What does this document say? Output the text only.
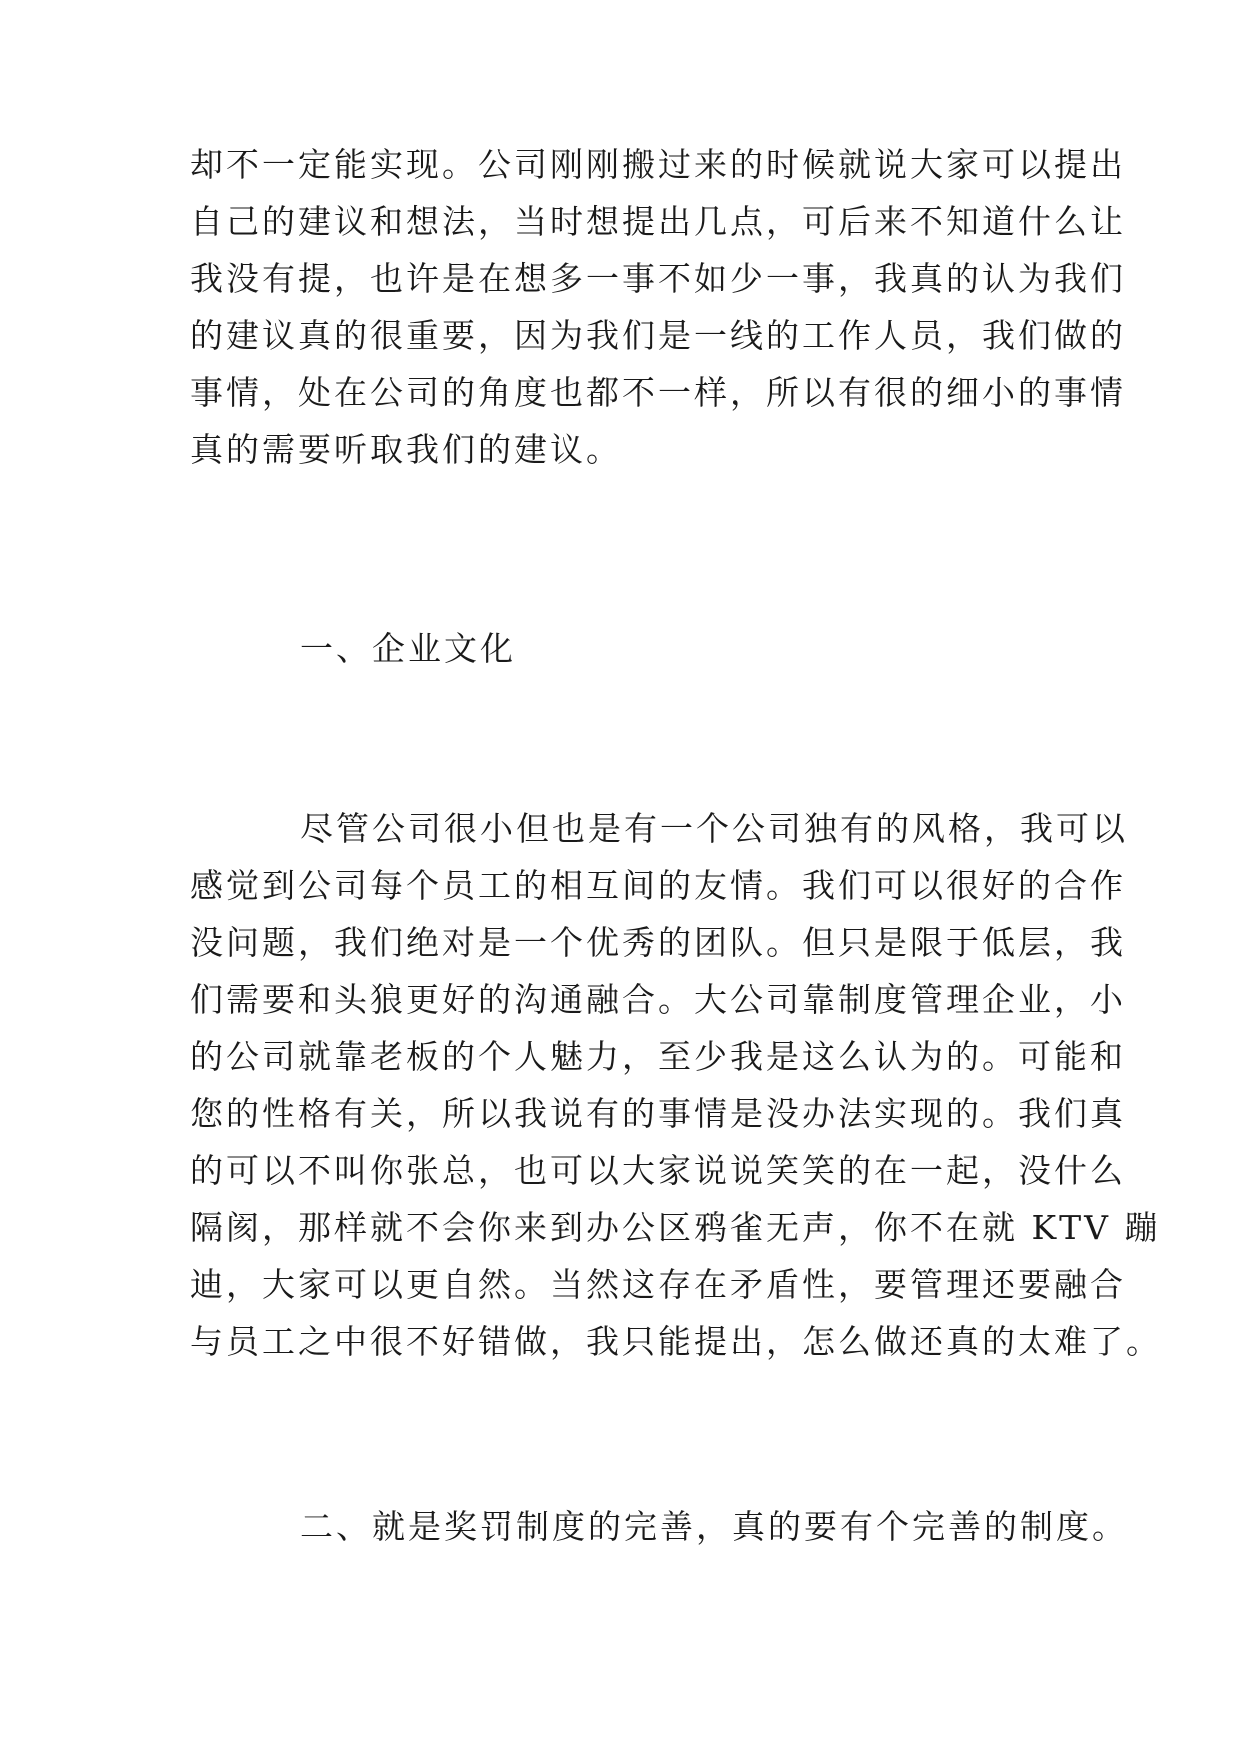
却不一定能实现。公司刚刚搬过来的时候就说大家可以提出
自己的建议和想法，当时想提出几点，可后来不知道什么让
我没有提，也许是在想多一事不如少一事，我真的认为我们
的建议真的很重要，因为我们是一线的工作人员，我们做的
事情，处在公司的角度也都不一样，所以有很的细小的事情
真的需要听取我们的建议。
一、企业文化
尽管公司很小但也是有一个公司独有的风格，我可以
感觉到公司每个员工的相互间的友情。我们可以很好的合作
没问题，我们绝对是一个优秀的团队。但只是限于低层，我
们需要和头狼更好的沟通融合。大公司靠制度管理企业，小
的公司就靠老板的个人魅力，至少我是这么认为的。可能和
您的性格有关，所以我说有的事情是没办法实现的。我们真
的可以不叫你张总，也可以大家说说笑笑的在一起，没什么
隔阂，那样就不会你来到办公区鸦雀无声，你不在就 KTV 蹦
迪，大家可以更自然。当然这存在矛盾性，要管理还要融合
与员工之中很不好错做，我只能提出，怎么做还真的太难了。
二、就是奖罚制度的完善，真的要有个完善的制度。
